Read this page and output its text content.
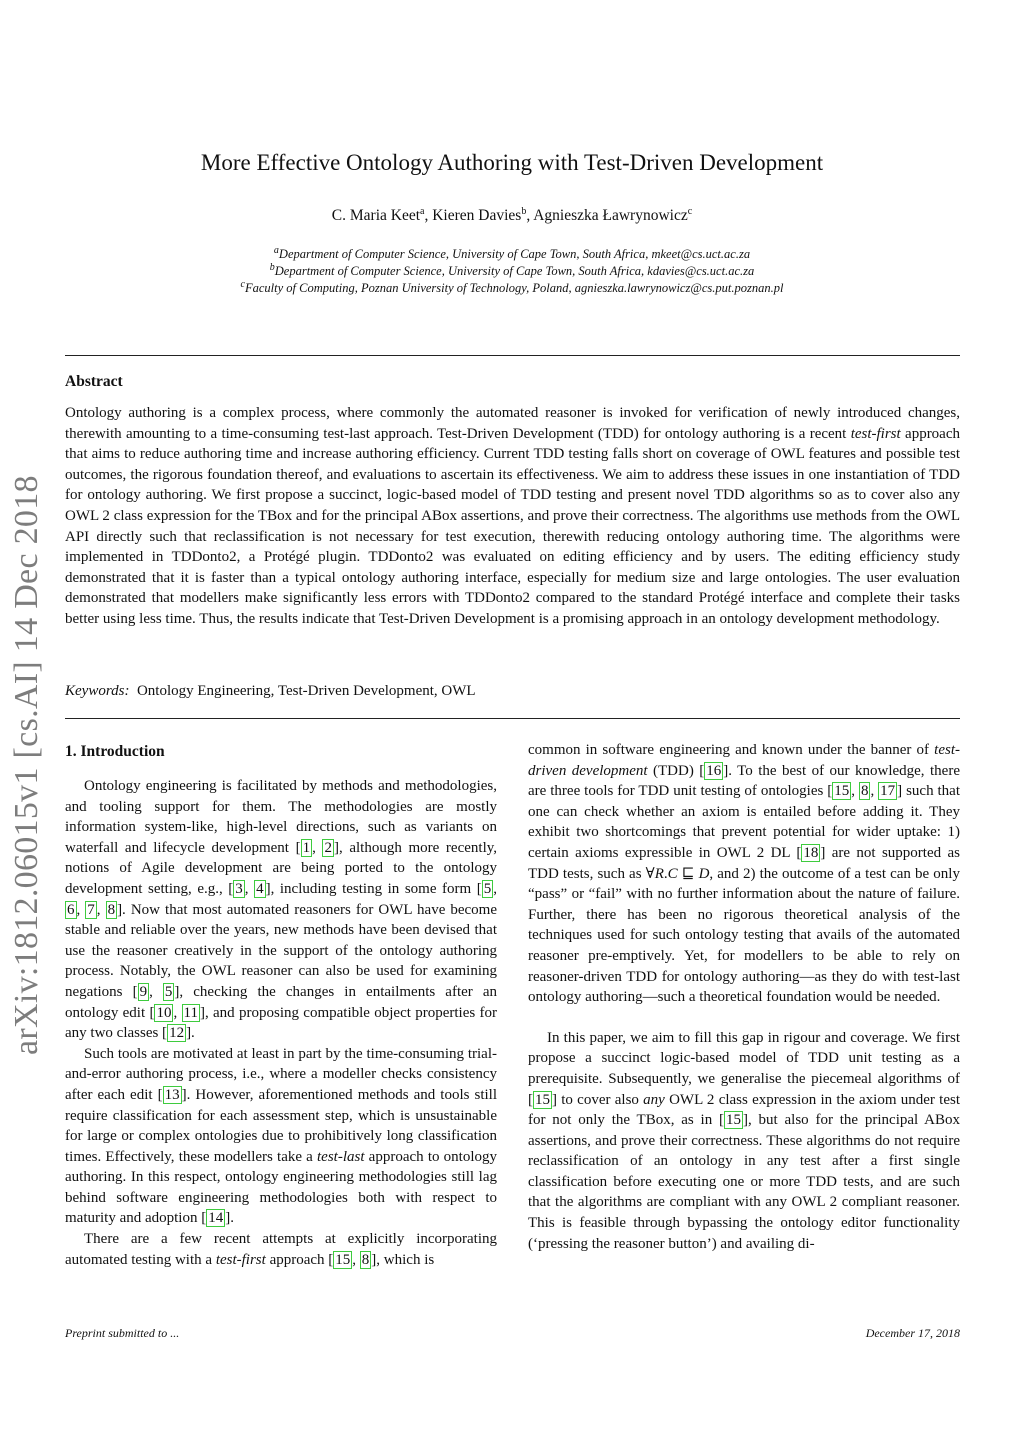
More Effective Ontology Authoring with Test-Driven Development
C. Maria Keet$^a$, Kieren Davies$^b$, Agnieszka Ławrynowicz$^c$
$^a$Department of Computer Science, University of Cape Town, South Africa, mkeet@cs.uct.ac.za
$^b$Department of Computer Science, University of Cape Town, South Africa, kdavies@cs.uct.ac.za
$^c$Faculty of Computing, Poznan University of Technology, Poland, agnieszka.lawrynowicz@cs.put.poznan.pl
Abstract
Ontology authoring is a complex process, where commonly the automated reasoner is invoked for verification of newly introduced changes, therewith amounting to a time-consuming test-last approach. Test-Driven Development (TDD) for ontology authoring is a recent test-first approach that aims to reduce authoring time and increase authoring efficiency. Current TDD testing falls short on coverage of OWL features and possible test outcomes, the rigorous foundation thereof, and evaluations to ascertain its effectiveness. We aim to address these issues in one instantiation of TDD for ontology authoring. We first propose a succinct, logic-based model of TDD testing and present novel TDD algorithms so as to cover also any OWL 2 class expression for the TBox and for the principal ABox assertions, and prove their correctness. The algorithms use methods from the OWL API directly such that reclassification is not necessary for test execution, therewith reducing ontology authoring time. The algorithms were implemented in TDDonto2, a Protégé plugin. TDDonto2 was evaluated on editing efficiency and by users. The editing efficiency study demonstrated that it is faster than a typical ontology authoring interface, especially for medium size and large ontologies. The user evaluation demonstrated that modellers make significantly less errors with TDDonto2 compared to the standard Protégé interface and complete their tasks better using less time. Thus, the results indicate that Test-Driven Development is a promising approach in an ontology development methodology.
Keywords:  Ontology Engineering, Test-Driven Development, OWL
arXiv:1812.06015v1 [cs.AI] 14 Dec 2018 1. Introduction

Ontology engineering is facilitated by methods and methodologies, and tooling support for them. The methodologies are mostly information system-like, high-level directions, such as variants on waterfall and lifecycle development [ 1 , 2 ], although more recently, notions of Agile development are being ported to the ontology development setting, e.g., [ 3 , 4 ], including testing in some form [ 5 , 6 , 7 , 8 ]. Now that most automated reasoners for OWL have become stable and reliable over the years, new methods have been devised that use the reasoner creatively in the support of the ontology authoring process. Notably, the OWL reasoner can also be used for examining negations [ 9 , 5 ], checking the changes in entailments after an ontology edit [ 10 , 11 ], and proposing compatible object properties for any two classes [ 12 ].

Such tools are motivated at least in part by the time-consuming trial-and-error authoring process, i.e., where a modeller checks consistency after each edit [ 13 ]. However, aforementioned methods and tools still require classification for each assessment step, which is unsustainable for large or complex ontologies due to prohibitively long classification times. Effectively, these modellers take a test-last approach to ontology authoring. In this respect, ontology engineering methodologies still lag behind software engineering methodologies both with respect to maturity and adoption [ 14 ].

There are a few recent attempts at explicitly incorporating automated testing with a test-first approach [ 15 , 8 ], which is

common in software engineering and known under the banner of test-driven development (TDD) [ 16 ]. To the best of our knowledge, there are three tools for TDD unit testing of ontologies [ 15 , 8 , 17 ] such that one can check whether an axiom is entailed before adding it. They exhibit two shortcomings that prevent potential for wider uptake: 1) certain axioms expressible in OWL 2 DL [ 18 ] are not supported as TDD tests, such as ∀R.C ⊑ D, and 2) the outcome of a test can be only “pass” or “fail” with no further information about the nature of failure. Further, there has been no rigorous theoretical analysis of the techniques used for such ontology testing that avails of the automated reasoner pre-emptively. Yet, for modellers to be able to rely on reasoner-driven TDD for ontology authoring—as they do with test-last ontology authoring—such a theoretical foundation would be needed.

In this paper, we aim to fill this gap in rigour and coverage. We first propose a succinct logic-based model of TDD unit testing as a prerequisite. Subsequently, we generalise the piecemeal algorithms of [ 15 ] to cover also any OWL 2 class expression in the axiom under test for not only the TBox, as in [ 15 ], but also for the principal ABox assertions, and prove their correctness. These algorithms do not require reclassification of an ontology in any test after a first single classification before executing one or more TDD tests, and are such that the algorithms are compliant with any OWL 2 compliant reasoner. This is feasible through bypassing the ontology editor functionality (‘pressing the reasoner button’) and availing di-

Preprint submitted to ...	December 17, 2018
